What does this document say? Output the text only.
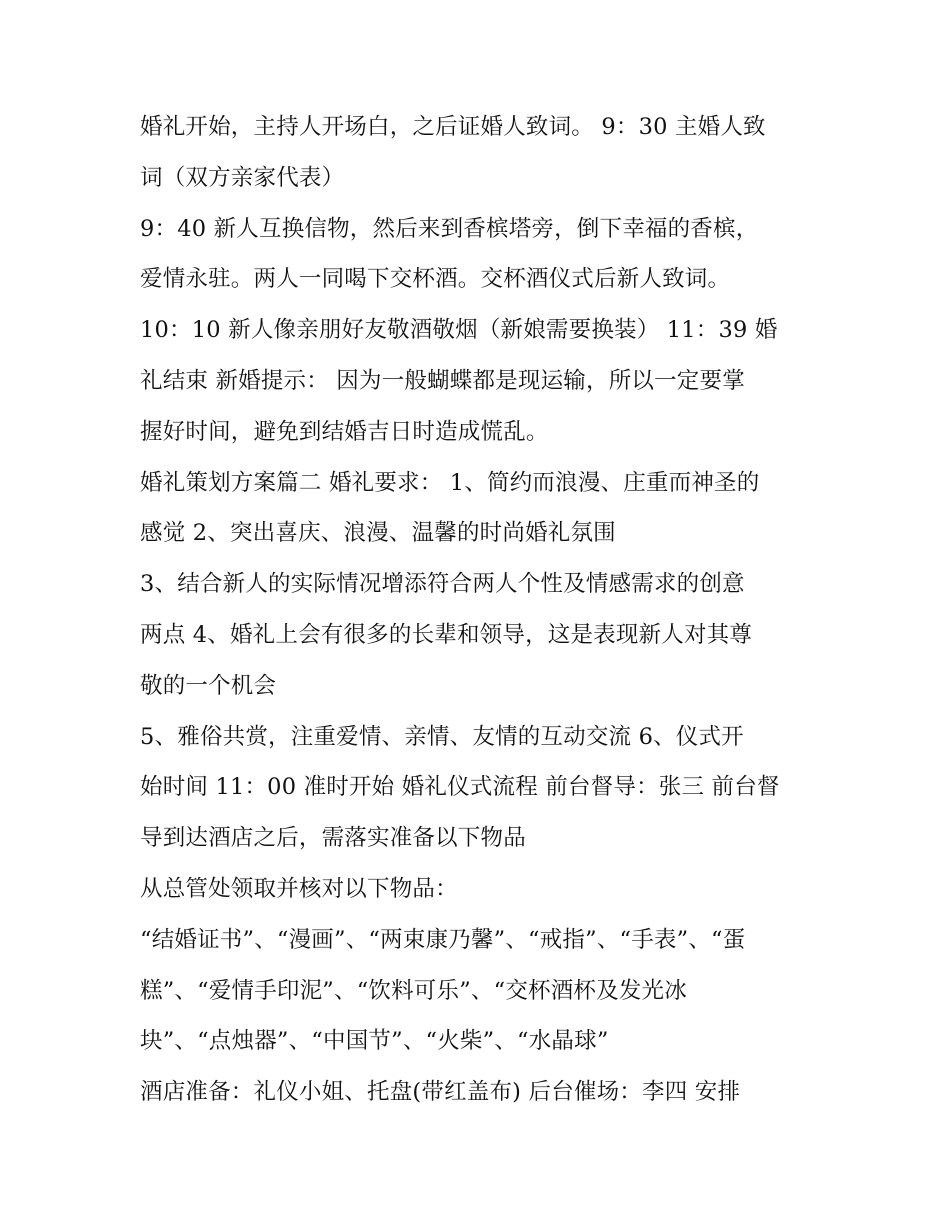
婚礼开始，主持人开场白，之后证婚人致词。 9：30 主婚人致
词（双方亲家代表）
9：40 新人互换信物，然后来到香槟塔旁，倒下幸福的香槟，
爱情永驻。两人一同喝下交杯酒。交杯酒仪式后新人致词。
10：10 新人像亲朋好友敬酒敬烟（新娘需要换装） 11：39 婚
礼结束 新婚提示： 因为一般蝴蝶都是现运输，所以一定要掌
握好时间，避免到结婚吉日时造成慌乱。
婚礼策划方案篇二 婚礼要求： 1、简约而浪漫、庄重而神圣的
感觉 2、突出喜庆、浪漫、温馨的时尚婚礼氛围
3、结合新人的实际情况增添符合两人个性及情感需求的创意
两点 4、婚礼上会有很多的长辈和领导，这是表现新人对其尊
敬的一个机会
5、雅俗共赏，注重爱情、亲情、友情的互动交流 6、仪式开
始时间 11：00 准时开始 婚礼仪式流程 前台督导：张三 前台督
导到达酒店之后，需落实准备以下物品
从总管处领取并核对以下物品：
“结婚证书”、“漫画”、“两束康乃馨”、“戒指”、“手表”、“蛋
糕”、“爱情手印泥”、“饮料可乐”、“交杯酒杯及发光冰
块”、“点烛器”、“中国节”、“火柴”、“水晶球”
酒店准备：礼仪小姐、托盘(带红盖布) 后台催场：李四 安排
